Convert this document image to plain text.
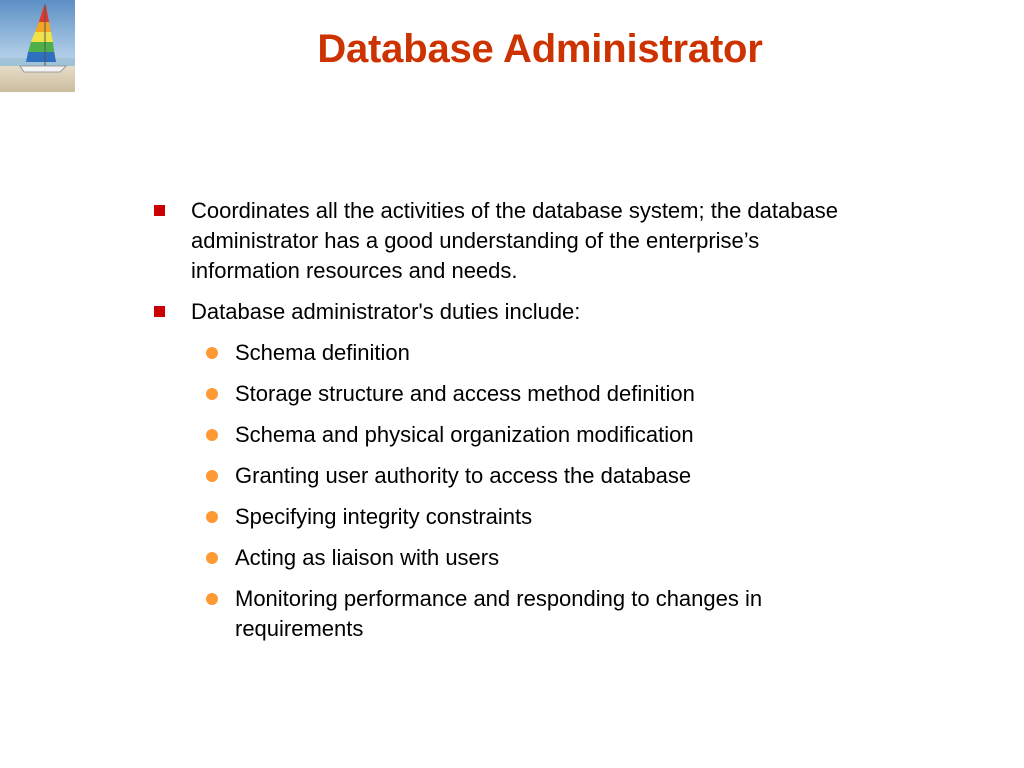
Database Administrator
Coordinates all the activities of the database system; the database administrator has a good understanding of the enterprise’s information resources and needs.
Database administrator's duties include:
Schema definition
Storage structure and access method definition
Schema and physical organization modification
Granting user authority to access the database
Specifying integrity constraints
Acting as liaison with users
Monitoring performance and responding to changes in requirements
